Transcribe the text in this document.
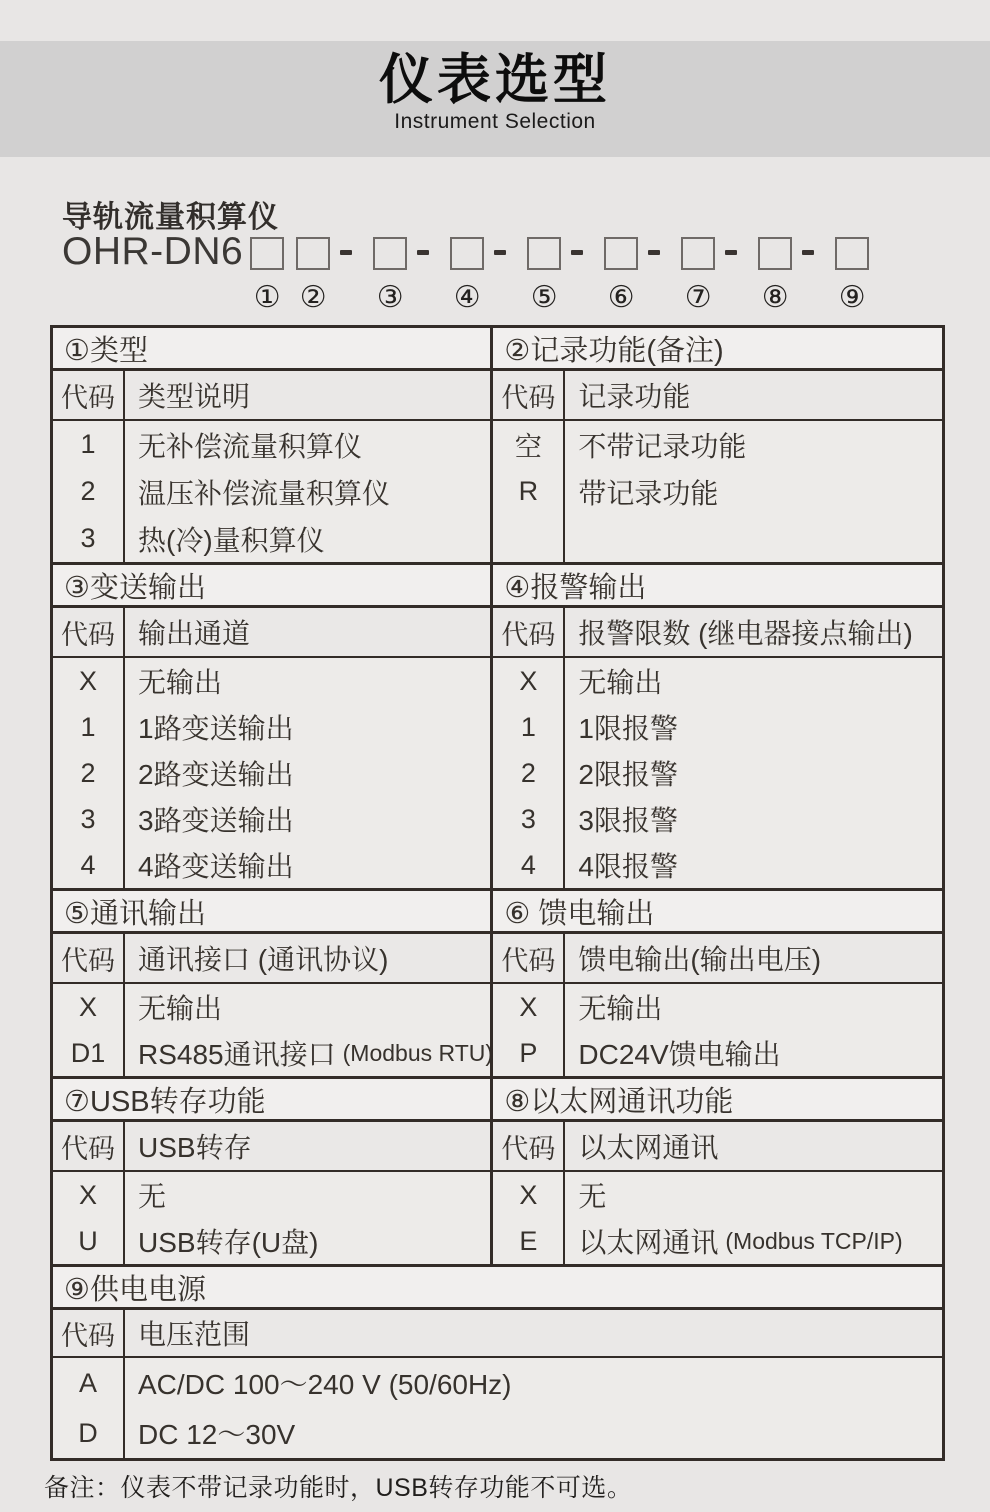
仪表选型
Instrument Selection
导轨流量积算仪
OHR-DN6
① ② ③ ④ ⑤ ⑥ ⑦ ⑧ ⑨
①类型
代码 类型说明
1
2
3
无补偿流量积算仪
温压补偿流量积算仪
热(冷)量积算仪
②记录功能(备注)
代码 记录功能
空
R
不带记录功能
带记录功能
③变送输出
代码 输出通道
X
1
2
3
4
无输出
1路变送输出
2路变送输出
3路变送输出
4路变送输出
④报警输出
代码 报警限数 (继电器接点输出)
X
1
2
3
4
无输出
1限报警
2限报警
3限报警
4限报警
⑤通讯输出
代码 通讯接口 (通讯协议)
X
D1
无输出
RS485通讯接口 (Modbus RTU)
⑥ 馈电输出
代码 馈电输出(输出电压)
X
P
无输出
DC24V馈电输出
⑦USB转存功能
代码 USB转存
X
U
无
USB转存(U盘)
⑧以太网通讯功能
代码 以太网通讯
X
E
无
以太网通讯 (Modbus TCP/IP)
⑨供电电源
代码 电压范围
A
D
AC/DC 100～240 V (50/60Hz)
DC 12～30V
备注：仪表不带记录功能时，USB转存功能不可选。
